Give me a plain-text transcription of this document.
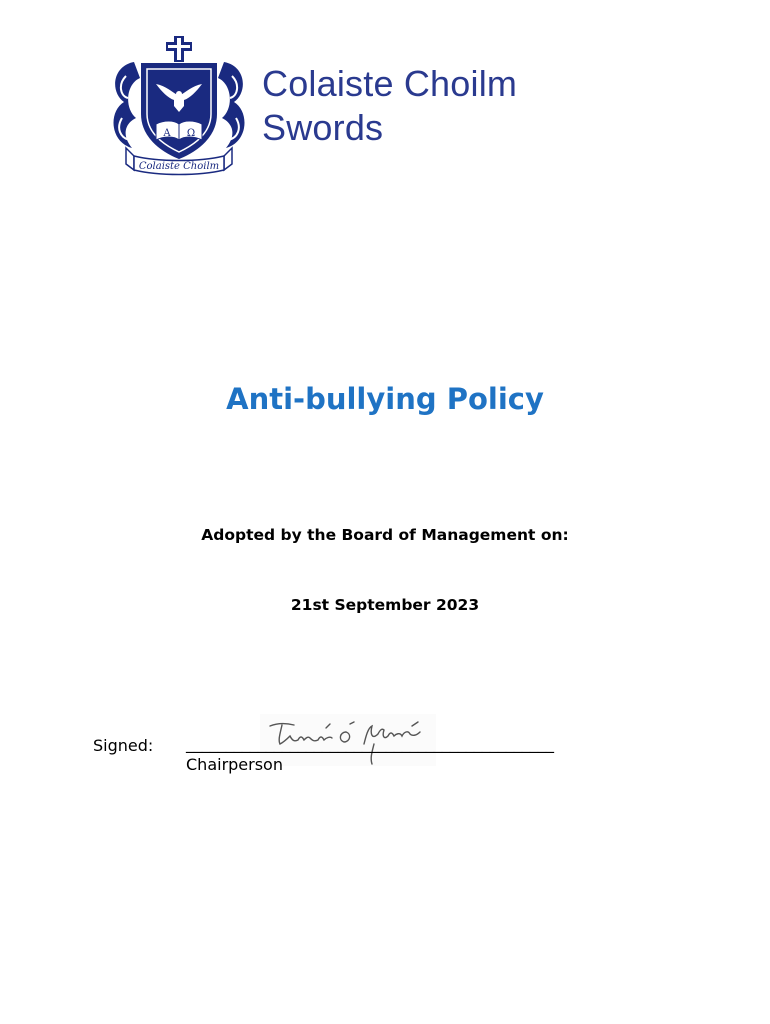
Α Ω
Colaiste Choilm
Colaiste Choilm
Swords
Anti-bullying Policy
Adopted by the Board of Management on:
21st September 2023
Signed: ______________________________________________
Chairperson
